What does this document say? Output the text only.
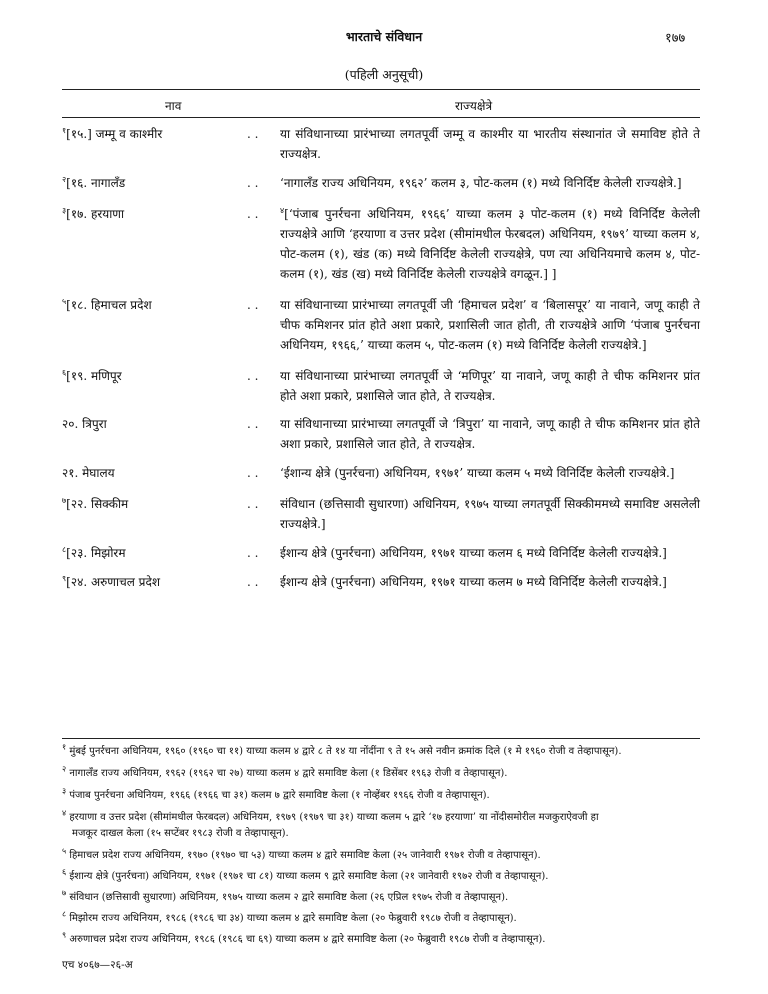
भारताचे संविधान	१७७
(पहिली अनुसूची)
नाव	राज्यक्षेत्रे
$^१$[१५.] जम्मू व काश्मीर	. .	या संविधानाच्या प्रारंभाच्या लगतपूर्वी जम्मू व काश्मीर या भारतीय संस्थानांत जे समाविष्ट होते ते राज्यक्षेत्र.
$^२$[१६. नागालँड	. .	‘नागालँड राज्य अधिनियम, १९६२’ कलम ३, पोट-कलम (१) मध्ये विनिर्दिष्ट केलेली राज्यक्षेत्रे.]
$^३$[१७. हरयाणा	. .	$^४$[‘पंजाब पुनर्रचना अधिनियम, १९६६’ याच्या कलम ३ पोट-कलम (१) मध्ये विनिर्दिष्ट केलेली राज्यक्षेत्रे आणि ‘हरयाणा व उत्तर प्रदेश (सीमांमधील फेरबदल) अधिनियम, १९७९’ याच्या कलम ४, पोट-कलम (१), खंड (क) मध्ये विनिर्दिष्ट केलेली राज्यक्षेत्रे, पण त्या अधिनियमाचे कलम ४, पोट-कलम (१), खंड (ख) मध्ये विनिर्दिष्ट केलेली राज्यक्षेत्रे वगळून.] ]
$^५$[१८. हिमाचल प्रदेश	. .	या संविधानाच्या प्रारंभाच्या लगतपूर्वी जी ‘हिमाचल प्रदेश’ व ‘बिलासपूर’ या नावाने, जणू काही ते चीफ कमिशनर प्रांत होते अशा प्रकारे, प्रशासिली जात होती, ती राज्यक्षेत्रे आणि ‘पंजाब पुनर्रचना अधिनियम, १९६६,’ याच्या कलम ५, पोट-कलम (१) मध्ये विनिर्दिष्ट केलेली राज्यक्षेत्रे.]
$^६$[१९. मणिपूर	. .	या संविधानाच्या प्रारंभाच्या लगतपूर्वी जे ‘मणिपूर’ या नावाने, जणू काही ते चीफ कमिशनर प्रांत होते अशा प्रकारे, प्रशासिले जात होते, ते राज्यक्षेत्र.
२०. त्रिपुरा	. .	या संविधानाच्या प्रारंभाच्या लगतपूर्वी जे ‘त्रिपुरा’ या नावाने, जणू काही ते चीफ कमिशनर प्रांत होते अशा प्रकारे, प्रशासिले जात होते, ते राज्यक्षेत्र.
२१. मेघालय	. .	‘ईशान्य क्षेत्रे (पुनर्रचना) अधिनियम, १९७१’ याच्या कलम ५ मध्ये विनिर्दिष्ट केलेली राज्यक्षेत्रे.]
$^७$[२२. सिक्कीम	. .	संविधान (छत्तिसावी सुधारणा) अधिनियम, १९७५ याच्या लगतपूर्वी सिक्कीममध्ये समाविष्ट असलेली राज्यक्षेत्रे.]
$^८$[२३. मिझोरम	. .	ईशान्य क्षेत्रे (पुनर्रचना) अधिनियम, १९७१ याच्या कलम ६ मध्ये विनिर्दिष्ट केलेली राज्यक्षेत्रे.]
$^९$[२४. अरुणाचल प्रदेश	. .	ईशान्य क्षेत्रे (पुनर्रचना) अधिनियम, १९७१ याच्या कलम ७ मध्ये विनिर्दिष्ट केलेली राज्यक्षेत्रे.]
$^१$ मुंबई पुनर्रचना अधिनियम, १९६० (१९६० चा ११) याच्या कलम ४ द्वारे ८ ते १४ या नोंदींना ९ ते १५ असे नवीन क्रमांक दिले (१ मे १९६० रोजी व तेव्हापासून).
$^२$ नागालँड राज्य अधिनियम, १९६२ (१९६२ चा २७) याच्या कलम ४ द्वारे समाविष्ट केला (१ डिसेंबर १९६३ रोजी व तेव्हापासून).
$^३$ पंजाब पुनर्रचना अधिनियम, १९६६ (१९६६ चा ३१) कलम ७ द्वारे समाविष्ट केला (१ नोव्हेंबर १९६६ रोजी व तेव्हापासून).
$^४$ हरयाणा व उत्तर प्रदेश (सीमांमधील फेरबदल) अधिनियम, १९७९ (१९७९ चा ३१) याच्या कलम ५ द्वारे ‘१७ हरयाणा’ या नोंदीसमोरील मजकुराऐवजी हा
मजकूर दाखल केला (१५ सप्टेंबर १९८३ रोजी व तेव्हापासून).
$^५$ हिमाचल प्रदेश राज्य अधिनियम, १९७० (१९७० चा ५३) याच्या कलम ४ द्वारे समाविष्ट केला (२५ जानेवारी १९७१ रोजी व तेव्हापासून).
$^६$ ईशान्य क्षेत्रे (पुनर्रचना) अधिनियम, १९७१ (१९७१ चा ८१) याच्या कलम ९ द्वारे समाविष्ट केला (२१ जानेवारी १९७२ रोजी व तेव्हापासून).
$^७$ संविधान (छत्तिसावी सुधारणा) अधिनियम, १९७५ याच्या कलम २ द्वारे समाविष्ट केला (२६ एप्रिल १९७५ रोजी व तेव्हापासून).
$^८$ मिझोरम राज्य अधिनियम, १९८६ (१९८६ चा ३४) याच्या कलम ४ द्वारे समाविष्ट केला (२० फेब्रुवारी १९८७ रोजी व तेव्हापासून).
$^९$ अरुणाचल प्रदेश राज्य अधिनियम, १९८६ (१९८६ चा ६९) याच्या कलम ४ द्वारे समाविष्ट केला (२० फेब्रुवारी १९८७ रोजी व तेव्हापासून).
एच ४०६७—२६-अ
